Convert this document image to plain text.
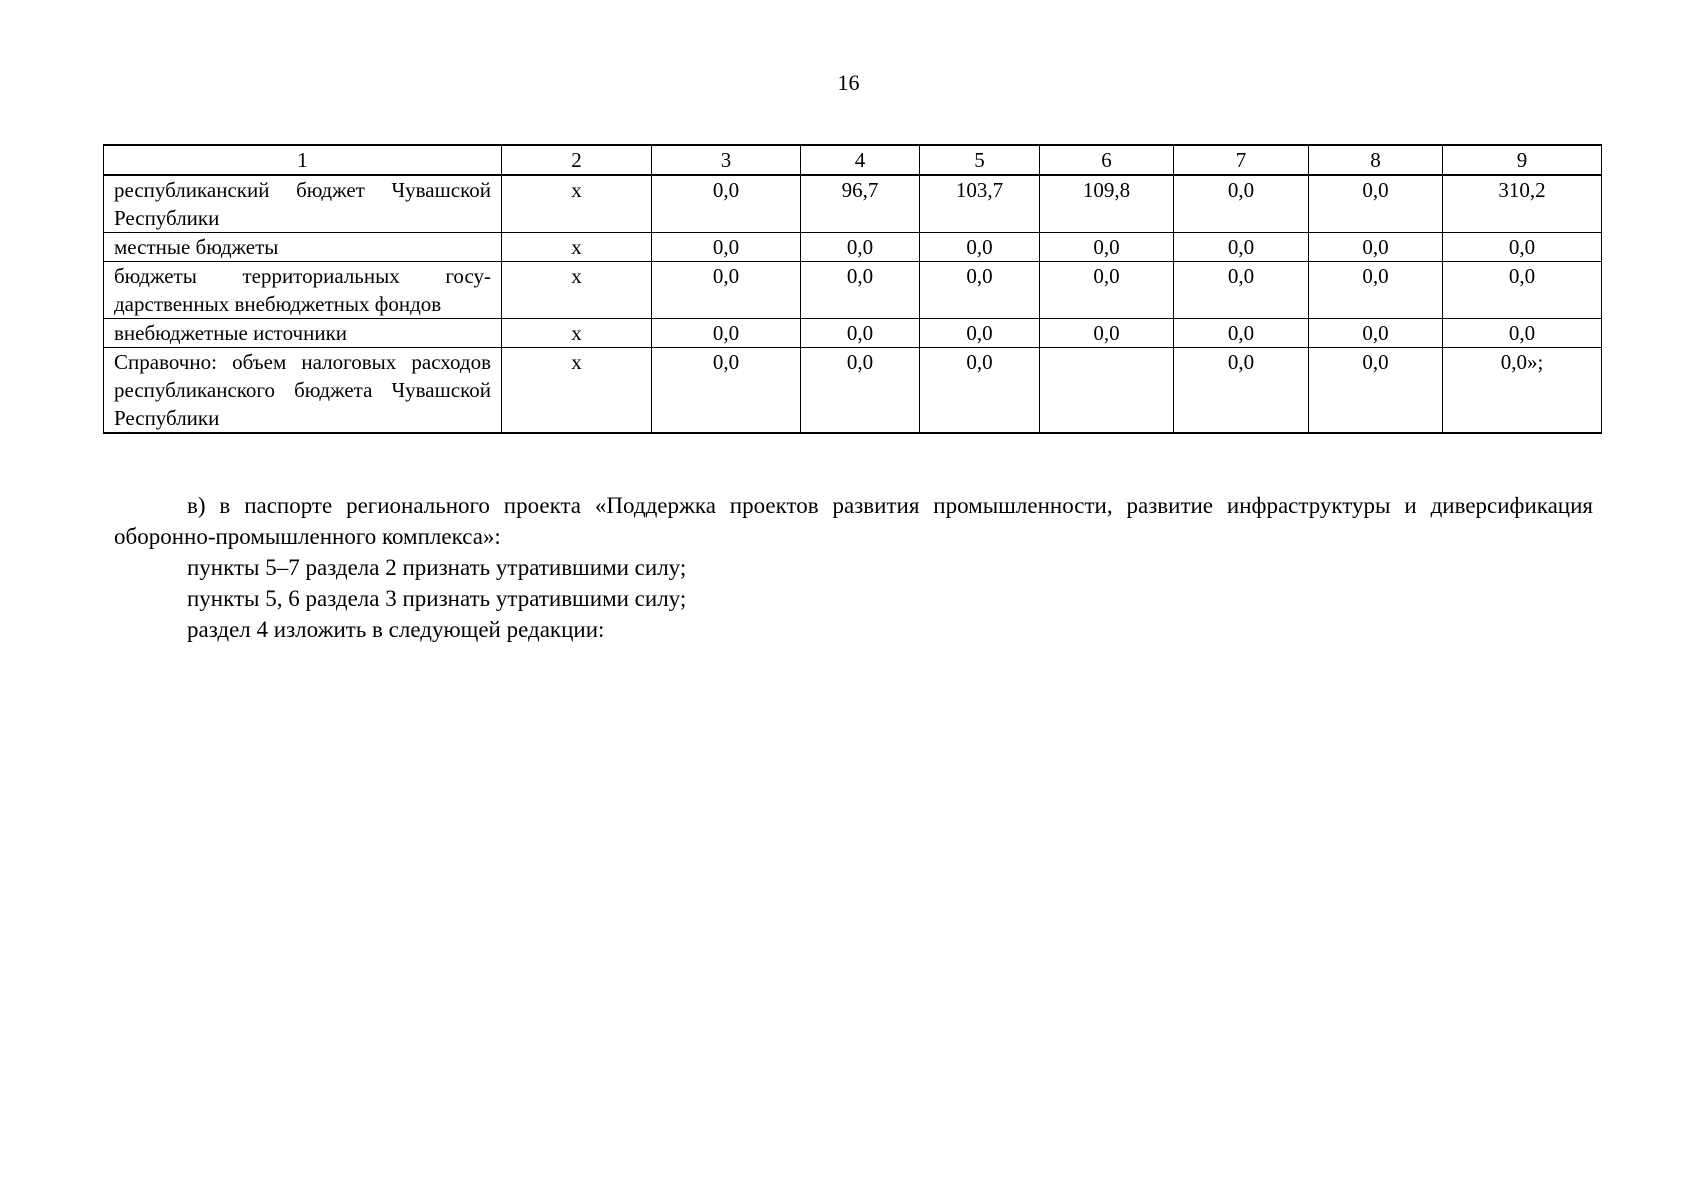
16
1	2	3	4	5	6	7	8	9
республиканский бюджет Чувашской Республики	x	0,0	96,7	103,7	109,8	0,0	0,0	310,2
местные бюджеты	x	0,0	0,0	0,0	0,0	0,0	0,0	0,0
бюджеты территориальных государственных внебюджетных фондов	x	0,0	0,0	0,0	0,0	0,0	0,0	0,0
внебюджетные источники	x	0,0	0,0	0,0	0,0	0,0	0,0	0,0
Справочно: объем налоговых расходов республиканского бюджета Чувашской Республики	x	0,0	0,0	0,0		0,0	0,0	0,0»;

в) в паспорте регионального проекта «Поддержка проектов развития промышленности, развитие инфраструктуры и диверсификация оборонно-промышленного комплекса»:

пункты 5–7 раздела 2 признать утратившими силу;

пункты 5, 6 раздела 3 признать утратившими силу;

раздел 4 изложить в следующей редакции:
